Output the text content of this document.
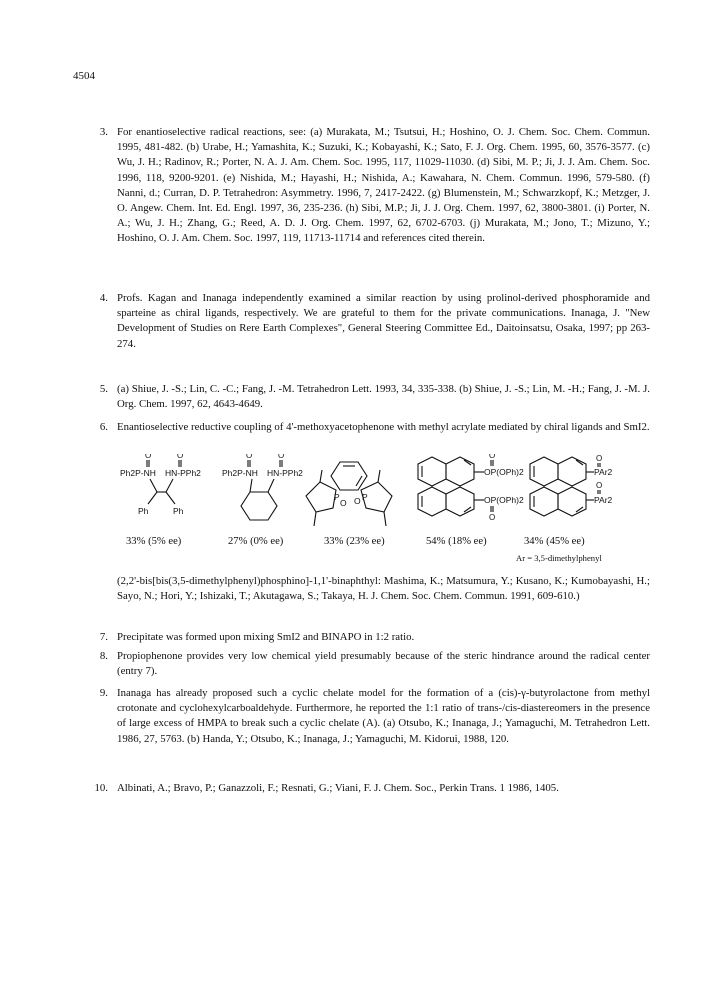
4504
3. For enantioselective radical reactions, see: (a) Murakata, M.; Tsutsui, H.; Hoshino, O. J. Chem. Soc. Chem. Commun. 1995, 481-482. (b) Urabe, H.; Yamashita, K.; Suzuki, K.; Kobayashi, K.; Sato, F. J. Org. Chem. 1995, 60, 3576-3577. (c) Wu, J. H.; Radinov, R.; Porter, N. A. J. Am. Chem. Soc. 1995, 117, 11029-11030. (d) Sibi, M. P.; Ji, J. J. Am. Chem. Soc. 1996, 118, 9200-9201. (e) Nishida, M.; Hayashi, H.; Nishida, A.; Kawahara, N. Chem. Commun. 1996, 579-580. (f) Nanni, d.; Curran, D. P. Tetrahedron: Asymmetry. 1996, 7, 2417-2422. (g) Blumenstein, M.; Schwarzkopf, K.; Metzger, J. O. Angew. Chem. Int. Ed. Engl. 1997, 36, 235-236. (h) Sibi, M.P.; Ji, J. J. Org. Chem. 1997, 62, 3800-3801. (i) Porter, N. A.; Wu, J. H.; Zhang, G.; Reed, A. D. J. Org. Chem. 1997, 62, 6702-6703. (j) Murakata, M.; Jono, T.; Mizuno, Y.; Hoshino, O. J. Am. Chem. Soc. 1997, 119, 11713-11714 and references cited therein.
4. Profs. Kagan and Inanaga independently examined a similar reaction by using prolinol-derived phosphoramide and sparteine as chiral ligands, respectively. We are grateful to them for the private communications. Inanaga, J. "New Development of Studies on Rere Earth Complexes", General Steering Committee Ed., Daitoinsatsu, Osaka, 1997; pp 263-274.
5. (a) Shiue, J. -S.; Lin, C. -C.; Fang, J. -M. Tetrahedron Lett. 1993, 34, 335-338. (b) Shiue, J. -S.; Lin, M. -H.; Fang, J. -M. J. Org. Chem. 1997, 62, 4643-4649.
6. Enantioselective reductive coupling of 4'-methoxyacetophenone with methyl acrylate mediated by chiral ligands and SmI2.
O	O
Ph2P-NH HN-PPh2
Ph	Ph
O	O
Ph2P-NH HN-PPh2
P
O O P
O
OP(OPh)2
OP(OPh)2
O
O
PAr2
PAr2
O
33% (5% ee)	27% (0% ee)	33% (23% ee)	54% (18% ee)	34% (45% ee)
Ar = 3,5-dimethylphenyl
(2,2'-bis[bis(3,5-dimethylphenyl)phosphino]-1,1'-binaphthyl: Mashima, K.; Matsumura, Y.; Kusano, K.; Kumobayashi, H.; Sayo, N.; Hori, Y.; Ishizaki, T.; Akutagawa, S.; Takaya, H. J. Chem. Soc. Chem. Commun. 1991, 609-610.)
7. Precipitate was formed upon mixing SmI2 and BINAPO in 1:2 ratio.
8. Propiophenone provides very low chemical yield presumably because of the steric hindrance around the radical center (entry 7).
9. Inanaga has already proposed such a cyclic chelate model for the formation of a (cis)-γ-butyrolactone from methyl crotonate and cyclohexylcarboaldehyde. Furthermore, he reported the 1:1 ratio of trans-/cis-diastereomers in the presence of large excess of HMPA to break such a cyclic chelate (A). (a) Otsubo, K.; Inanaga, J.; Yamaguchi, M. Tetrahedron Lett. 1986, 27, 5763. (b) Handa, Y.; Otsubo, K.; Inanaga, J.; Yamaguchi, M. Kidorui, 1988, 120.
10. Albinati, A.; Bravo, P.; Ganazzoli, F.; Resnati, G.; Viani, F. J. Chem. Soc., Perkin Trans. 1 1986, 1405.
